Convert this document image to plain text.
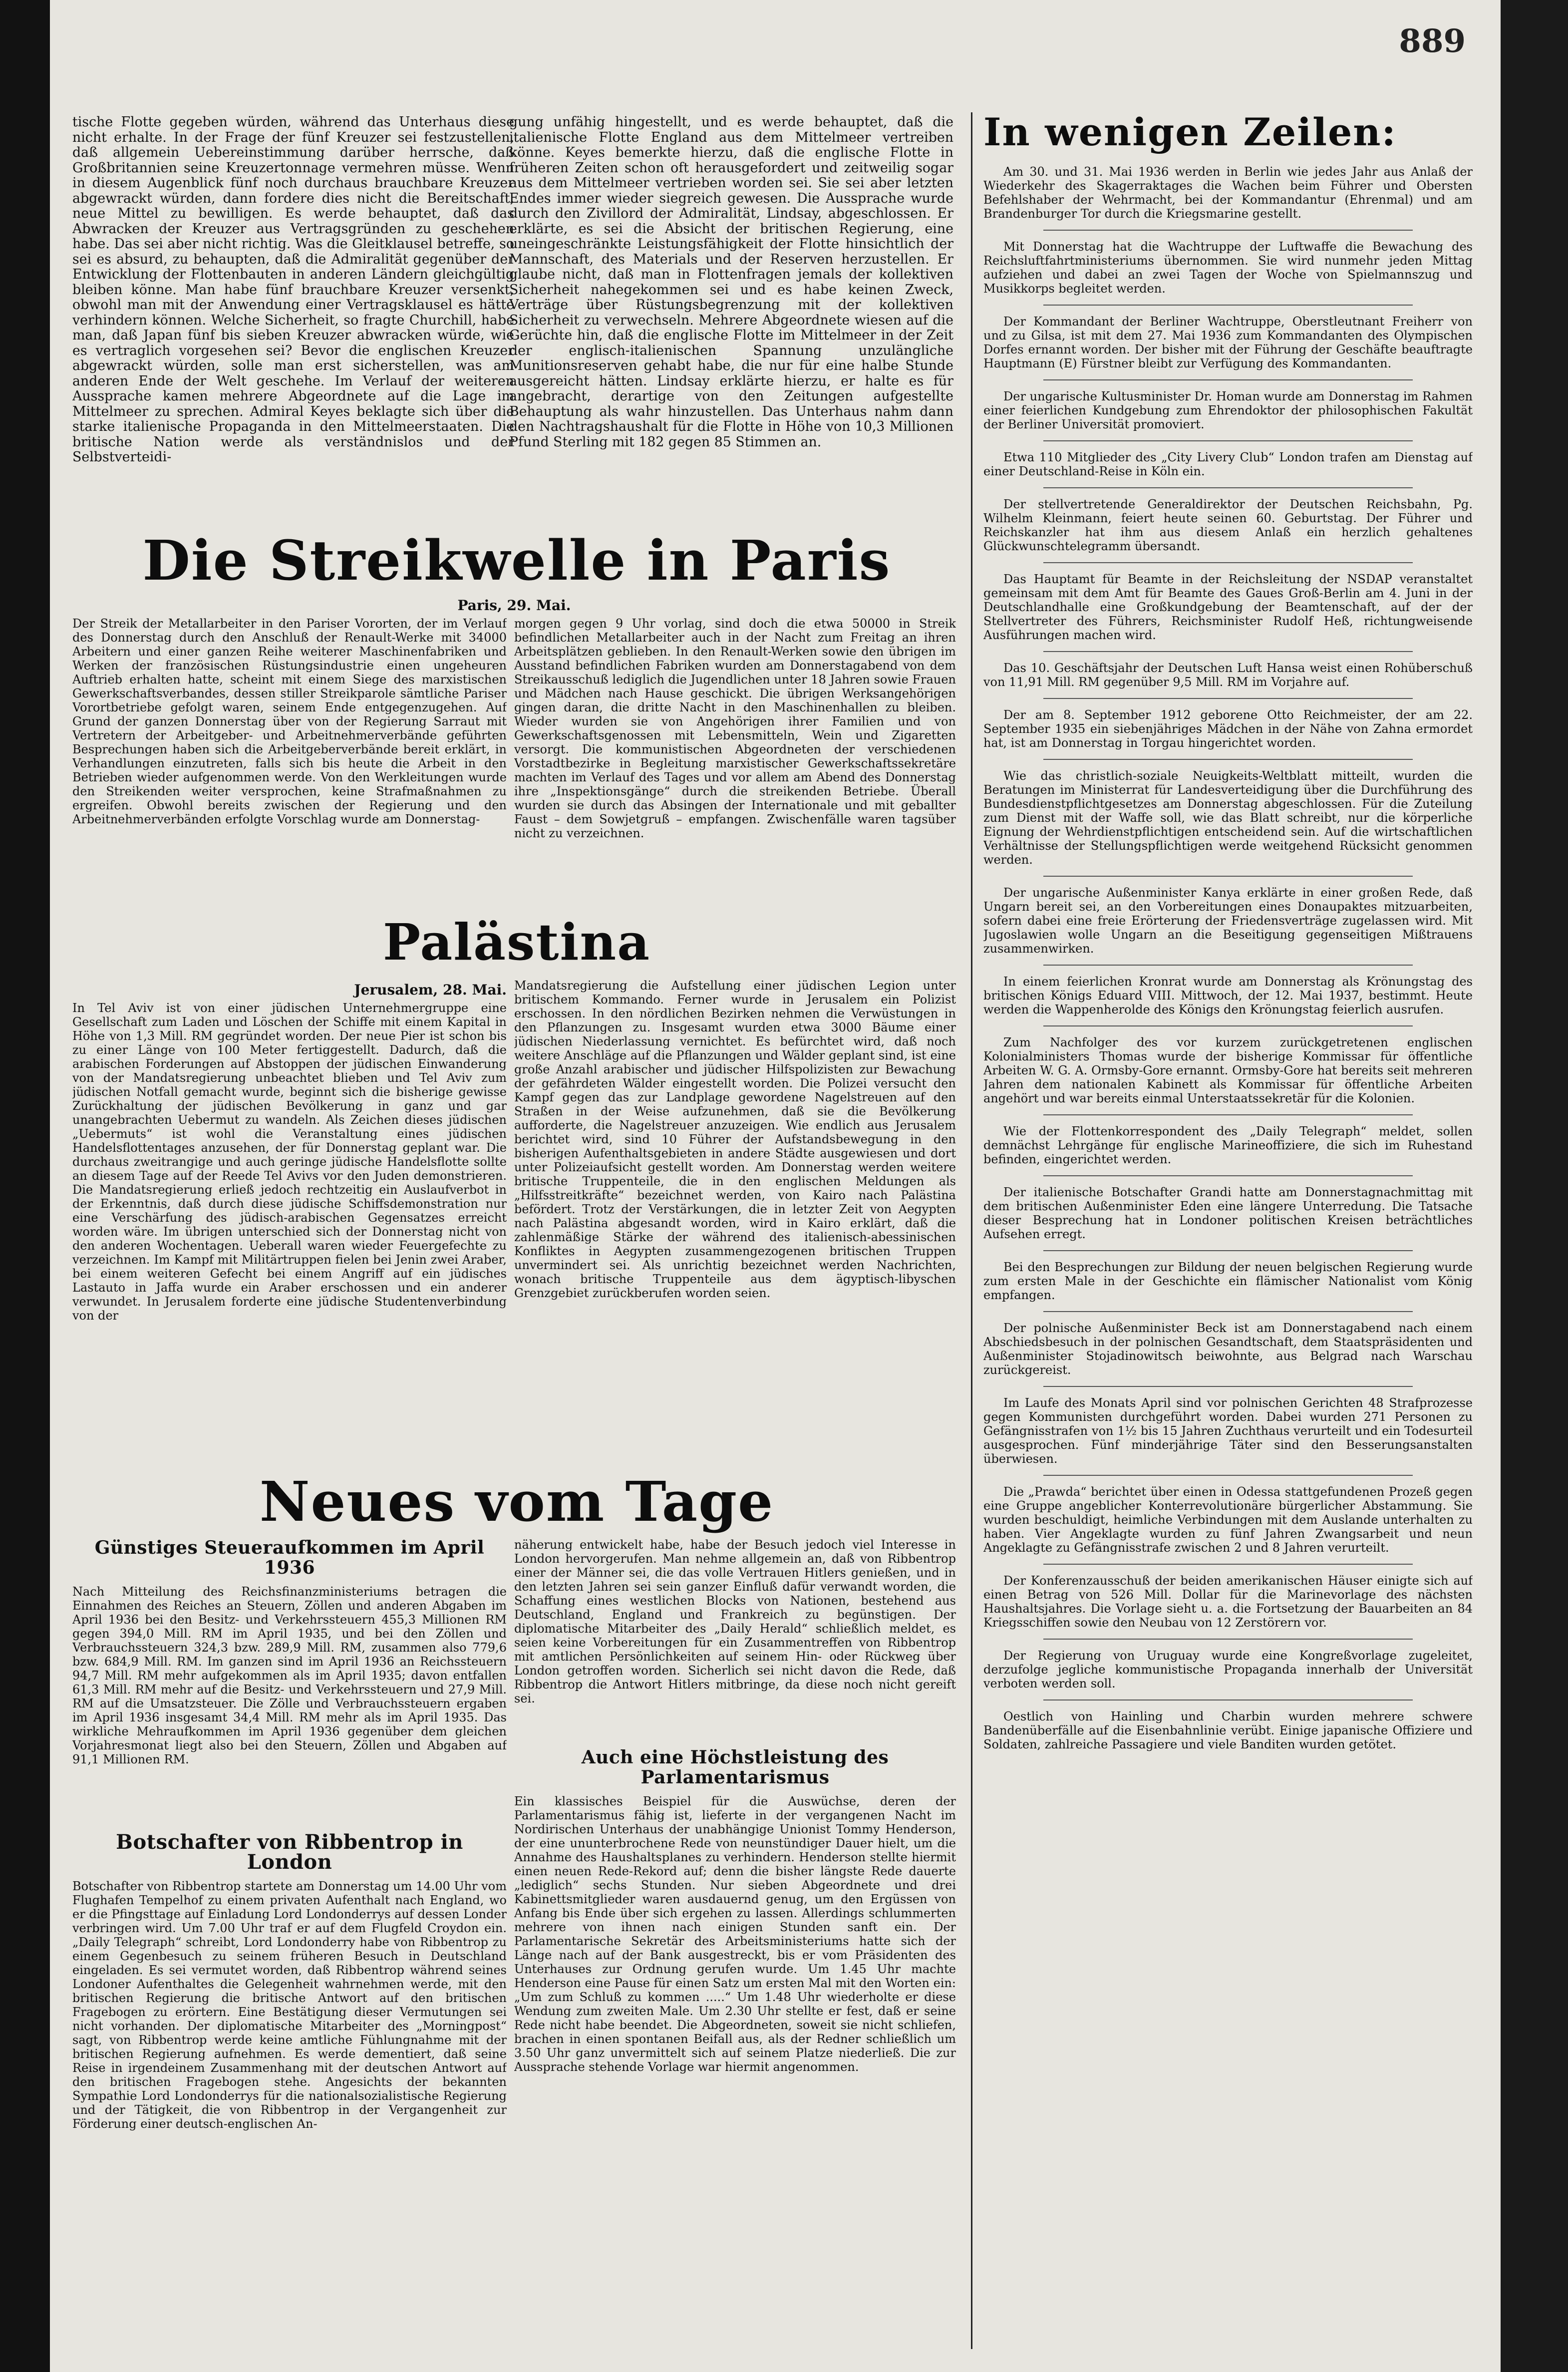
889

tische Flotte gegeben würden, während das Unterhaus diese nicht erhalte. In der Frage der fünf Kreuzer sei festzustellen, daß allgemein Uebereinstimmung darüber herrsche, daß Großbritannien seine Kreuzertonnage vermehren müsse. Wenn in diesem Augenblick fünf noch durchaus brauchbare Kreuzer abgewrackt würden, dann fordere dies nicht die Bereitschaft, neue Mittel zu bewilligen. Es werde behauptet, daß das Abwracken der Kreuzer aus Vertragsgründen zu geschehen habe. Das sei aber nicht richtig. Was die Gleitklausel betreffe, so sei es absurd, zu behaupten, daß die Admiralität gegenüber der Entwicklung der Flottenbauten in anderen Ländern gleichgültig bleiben könne. Man habe fünf brauchbare Kreuzer versenkt, obwohl man mit der Anwendung einer Vertragsklausel es hätte verhindern können. Welche Sicherheit, so fragte Churchill, habe man, daß Japan fünf bis sieben Kreuzer abwracken würde, wie es vertraglich vorgesehen sei? Bevor die englischen Kreuzer abgewrackt würden, solle man erst sicherstellen, was am anderen Ende der Welt geschehe. Im Verlauf der weiteren Aussprache kamen mehrere Abgeordnete auf die Lage im Mittelmeer zu sprechen. Admiral Keyes beklagte sich über die starke italienische Propaganda in den Mittelmeerstaaten. Die britische Nation werde als verständnislos und der Selbstverteidi-

gung unfähig hingestellt, und es werde behauptet, daß die italienische Flotte England aus dem Mittelmeer vertreiben könne. Keyes bemerkte hierzu, daß die englische Flotte in früheren Zeiten schon oft herausgefordert und zeitweilig sogar aus dem Mittelmeer vertrieben worden sei. Sie sei aber letzten Endes immer wieder siegreich gewesen. Die Aussprache wurde durch den Zivillord der Admiralität, Lindsay, abgeschlossen. Er erklärte, es sei die Absicht der britischen Regierung, eine uneingeschränkte Leistungsfähigkeit der Flotte hinsichtlich der Mannschaft, des Materials und der Reserven herzustellen. Er glaube nicht, daß man in Flottenfragen jemals der kollektiven Sicherheit nahegekommen sei und es habe keinen Zweck, Verträge über Rüstungsbegrenzung mit der kollektiven Sicherheit zu verwechseln. Mehrere Abgeordnete wiesen auf die Gerüchte hin, daß die englische Flotte im Mittelmeer in der Zeit der englisch-italienischen Spannung unzulängliche Munitionsreserven gehabt habe, die nur für eine halbe Stunde ausgereicht hätten. Lindsay erklärte hierzu, er halte es für angebracht, derartige von den Zeitungen aufgestellte Behauptung als wahr hinzustellen. Das Unterhaus nahm dann den Nachtragshaushalt für die Flotte in Höhe von 10,3 Millionen Pfund Sterling mit 182 gegen 85 Stimmen an.

Die Streikwelle in Paris
Paris, 29. Mai.

Der Streik der Metallarbeiter in den Pariser Vororten, der im Verlauf des Donnerstag durch den Anschluß der Renault-Werke mit 34000 Arbeitern und einer ganzen Reihe weiterer Maschinenfabriken und Werken der französischen Rüstungsindustrie einen ungeheuren Auftrieb erhalten hatte, scheint mit einem Siege des marxistischen Gewerkschaftsverbandes, dessen stiller Streikparole sämtliche Pariser Vorortbetriebe gefolgt waren, seinem Ende entgegenzugehen. Auf Grund der ganzen Donnerstag über von der Regierung Sarraut mit Vertretern der Arbeitgeber- und Arbeitnehmerverbände geführten Besprechungen haben sich die Arbeitgeberverbände bereit erklärt, in Verhandlungen einzutreten, falls sich bis heute die Arbeit in den Betrieben wieder aufgenommen werde. Von den Werkleitungen wurde den Streikenden weiter versprochen, keine Strafmaßnahmen zu ergreifen. Obwohl bereits zwischen der Regierung und den Arbeitnehmerverbänden erfolgte Vorschlag wurde am Donnerstag-

morgen gegen 9 Uhr vorlag, sind doch die etwa 50000 in Streik befindlichen Metallarbeiter auch in der Nacht zum Freitag an ihren Arbeitsplätzen geblieben. In den Renault-Werken sowie den übrigen im Ausstand befindlichen Fabriken wurden am Donnerstagabend von dem Streikausschuß lediglich die Jugendlichen unter 18 Jahren sowie Frauen und Mädchen nach Hause geschickt. Die übrigen Werksangehörigen gingen daran, die dritte Nacht in den Maschinenhallen zu bleiben. Wieder wurden sie von Angehörigen ihrer Familien und von Gewerkschaftsgenossen mit Lebensmitteln, Wein und Zigaretten versorgt. Die kommunistischen Abgeordneten der verschiedenen Vorstadtbezirke in Begleitung marxistischer Gewerkschaftssekretäre machten im Verlauf des Tages und vor allem am Abend des Donnerstag ihre „Inspektionsgänge“ durch die streikenden Betriebe. Überall wurden sie durch das Absingen der Internationale und mit geballter Faust – dem Sowjetgruß – empfangen. Zwischenfälle waren tagsüber nicht zu verzeichnen.

Palästina
Jerusalem, 28. Mai.

In Tel Aviv ist von einer jüdischen Unternehmergruppe eine Gesellschaft zum Laden und Löschen der Schiffe mit einem Kapital in Höhe von 1,3 Mill. RM gegründet worden. Der neue Pier ist schon bis zu einer Länge von 100 Meter fertiggestellt. Dadurch, daß die arabischen Forderungen auf Abstoppen der jüdischen Einwanderung von der Mandatsregierung unbeachtet blieben und Tel Aviv zum jüdischen Notfall gemacht wurde, beginnt sich die bisherige gewisse Zurückhaltung der jüdischen Bevölkerung in ganz und gar unangebrachten Uebermut zu wandeln. Als Zeichen dieses jüdischen „Uebermuts“ ist wohl die Veranstaltung eines jüdischen Handelsflottentages anzusehen, der für Donnerstag geplant war. Die durchaus zweitrangige und auch geringe jüdische Handelsflotte sollte an diesem Tage auf der Reede Tel Avivs vor den Juden demonstrieren. Die Mandatsregierung erließ jedoch rechtzeitig ein Auslaufverbot in der Erkenntnis, daß durch diese jüdische Schiffsdemonstration nur eine Verschärfung des jüdisch-arabischen Gegensatzes erreicht worden wäre. Im übrigen unterschied sich der Donnerstag nicht von den anderen Wochentagen. Ueberall waren wieder Feuergefechte zu verzeichnen. Im Kampf mit Militärtruppen fielen bei Jenin zwei Araber, bei einem weiteren Gefecht bei einem Angriff auf ein jüdisches Lastauto in Jaffa wurde ein Araber erschossen und ein anderer verwundet. In Jerusalem forderte eine jüdische Studentenverbindung von der

Mandatsregierung die Aufstellung einer jüdischen Legion unter britischem Kommando. Ferner wurde in Jerusalem ein Polizist erschossen. In den nördlichen Bezirken nehmen die Verwüstungen in den Pflanzungen zu. Insgesamt wurden etwa 3000 Bäume einer jüdischen Niederlassung vernichtet. Es befürchtet wird, daß noch weitere Anschläge auf die Pflanzungen und Wälder geplant sind, ist eine große Anzahl arabischer und jüdischer Hilfspolizisten zur Bewachung der gefährdeten Wälder eingestellt worden. Die Polizei versucht den Kampf gegen das zur Landplage gewordene Nagelstreuen auf den Straßen in der Weise aufzunehmen, daß sie die Bevölkerung aufforderte, die Nagelstreuer anzuzeigen. Wie endlich aus Jerusalem berichtet wird, sind 10 Führer der Aufstandsbewegung in den bisherigen Aufenthaltsgebieten in andere Städte ausgewiesen und dort unter Polizeiaufsicht gestellt worden. Am Donnerstag werden weitere britische Truppenteile, die in den englischen Meldungen als „Hilfsstreitkräfte“ bezeichnet werden, von Kairo nach Palästina befördert. Trotz der Verstärkungen, die in letzter Zeit von Aegypten nach Palästina abgesandt worden, wird in Kairo erklärt, daß die zahlenmäßige Stärke der während des italienisch-abessinischen Konfliktes in Aegypten zusammengezogenen britischen Truppen unvermindert sei. Als unrichtig bezeichnet werden Nachrichten, wonach britische Truppenteile aus dem ägyptisch-libyschen Grenzgebiet zurückberufen worden seien.

Neues vom Tage
Günstiges Steueraufkommen im April 1936

Nach Mitteilung des Reichsfinanzministeriums betragen die Einnahmen des Reiches an Steuern, Zöllen und anderen Abgaben im April 1936 bei den Besitz- und Verkehrssteuern 455,3 Millionen RM gegen 394,0 Mill. RM im April 1935, und bei den Zöllen und Verbrauchssteuern 324,3 bzw. 289,9 Mill. RM, zusammen also 779,6 bzw. 684,9 Mill. RM. Im ganzen sind im April 1936 an Reichssteuern 94,7 Mill. RM mehr aufgekommen als im April 1935; davon entfallen 61,3 Mill. RM mehr auf die Besitz- und Verkehrssteuern und 27,9 Mill. RM auf die Umsatzsteuer. Die Zölle und Verbrauchssteuern ergaben im April 1936 insgesamt 34,4 Mill. RM mehr als im April 1935. Das wirkliche Mehraufkommen im April 1936 gegenüber dem gleichen Vorjahresmonat liegt also bei den Steuern, Zöllen und Abgaben auf 91,1 Millionen RM.

Botschafter von Ribbentrop in London

Botschafter von Ribbentrop startete am Donnerstag um 14.00 Uhr vom Flughafen Tempelhof zu einem privaten Aufenthalt nach England, wo er die Pfingsttage auf Einladung Lord Londonderrys auf dessen Londer verbringen wird. Um 7.00 Uhr traf er auf dem Flugfeld Croydon ein. „Daily Telegraph“ schreibt, Lord Londonderry habe von Ribbentrop zu einem Gegenbesuch zu seinem früheren Besuch in Deutschland eingeladen. Es sei vermutet worden, daß Ribbentrop während seines Londoner Aufenthaltes die Gelegenheit wahrnehmen werde, mit den britischen Regierung die britische Antwort auf den britischen Fragebogen zu erörtern. Eine Bestätigung dieser Vermutungen sei nicht vorhanden. Der diplomatische Mitarbeiter des „Morningpost“ sagt, von Ribbentrop werde keine amtliche Fühlungnahme mit der britischen Regierung aufnehmen. Es werde dementiert, daß seine Reise in irgendeinem Zusammenhang mit der deutschen Antwort auf den britischen Fragebogen stehe. Angesichts der bekannten Sympathie Lord Londonderrys für die nationalsozialistische Regierung und der Tätigkeit, die von Ribbentrop in der Vergangenheit zur Förderung einer deutsch-englischen An-

näherung entwickelt habe, habe der Besuch jedoch viel Interesse in London hervorgerufen. Man nehme allgemein an, daß von Ribbentrop einer der Männer sei, die das volle Vertrauen Hitlers genießen, und in den letzten Jahren sei sein ganzer Einfluß dafür verwandt worden, die Schaffung eines westlichen Blocks von Nationen, bestehend aus Deutschland, England und Frankreich zu begünstigen. Der diplomatische Mitarbeiter des „Daily Herald“ schließlich meldet, es seien keine Vorbereitungen für ein Zusammentreffen von Ribbentrop mit amtlichen Persönlichkeiten auf seinem Hin- oder Rückweg über London getroffen worden. Sicherlich sei nicht davon die Rede, daß Ribbentrop die Antwort Hitlers mitbringe, da diese noch nicht gereift sei.

Auch eine Höchstleistung des Parlamentarismus

Ein klassisches Beispiel für die Auswüchse, deren der Parlamentarismus fähig ist, lieferte in der vergangenen Nacht im Nordirischen Unterhaus der unabhängige Unionist Tommy Henderson, der eine ununterbrochene Rede von neunstündiger Dauer hielt, um die Annahme des Haushaltsplanes zu verhindern. Henderson stellte hiermit einen neuen Rede-Rekord auf; denn die bisher längste Rede dauerte „lediglich“ sechs Stunden. Nur sieben Abgeordnete und drei Kabinettsmitglieder waren ausdauernd genug, um den Ergüssen von Anfang bis Ende über sich ergehen zu lassen. Allerdings schlummerten mehrere von ihnen nach einigen Stunden sanft ein. Der Parlamentarische Sekretär des Arbeitsministeriums hatte sich der Länge nach auf der Bank ausgestreckt, bis er vom Präsidenten des Unterhauses zur Ordnung gerufen wurde. Um 1.45 Uhr machte Henderson eine Pause für einen Satz um ersten Mal mit den Worten ein: „Um zum Schluß zu kommen .....“ Um 1.48 Uhr wiederholte er diese Wendung zum zweiten Male. Um 2.30 Uhr stellte er fest, daß er seine Rede nicht habe beendet. Die Abgeordneten, soweit sie nicht schliefen, brachen in einen spontanen Beifall aus, als der Redner schließlich um 3.50 Uhr ganz unvermittelt sich auf seinem Platze niederließ. Die zur Aussprache stehende Vorlage war hiermit angenommen.

In wenigen Zeilen:

Am 30. und 31. Mai 1936 werden in Berlin wie jedes Jahr aus Anlaß der Wiederkehr des Skagerraktages die Wachen beim Führer und Obersten Befehlshaber der Wehrmacht, bei der Kommandantur (Ehrenmal) und am Brandenburger Tor durch die Kriegsmarine gestellt.

Mit Donnerstag hat die Wachtruppe der Luftwaffe die Bewachung des Reichsluftfahrtministeriums übernommen. Sie wird nunmehr jeden Mittag aufziehen und dabei an zwei Tagen der Woche von Spielmannszug und Musikkorps begleitet werden.

Der Kommandant der Berliner Wachtruppe, Oberstleutnant Freiherr von und zu Gilsa, ist mit dem 27. Mai 1936 zum Kommandanten des Olympischen Dorfes ernannt worden. Der bisher mit der Führung der Geschäfte beauftragte Hauptmann (E) Fürstner bleibt zur Verfügung des Kommandanten.

Der ungarische Kultusminister Dr. Homan wurde am Donnerstag im Rahmen einer feierlichen Kundgebung zum Ehrendoktor der philosophischen Fakultät der Berliner Universität promoviert.

Etwa 110 Mitglieder des „City Livery Club“ London trafen am Dienstag auf einer Deutschland-Reise in Köln ein.

Der stellvertretende Generaldirektor der Deutschen Reichsbahn, Pg. Wilhelm Kleinmann, feiert heute seinen 60. Geburtstag. Der Führer und Reichskanzler hat ihm aus diesem Anlaß ein herzlich gehaltenes Glückwunschtelegramm übersandt.

Das Hauptamt für Beamte in der Reichsleitung der NSDAP veranstaltet gemeinsam mit dem Amt für Beamte des Gaues Groß-Berlin am 4. Juni in der Deutschlandhalle eine Großkundgebung der Beamtenschaft, auf der der Stellvertreter des Führers, Reichsminister Rudolf Heß, richtungweisende Ausführungen machen wird.

Das 10. Geschäftsjahr der Deutschen Luft Hansa weist einen Rohüberschuß von 11,91 Mill. RM gegenüber 9,5 Mill. RM im Vorjahre auf.

Der am 8. September 1912 geborene Otto Reichmeister, der am 22. September 1935 ein siebenjähriges Mädchen in der Nähe von Zahna ermordet hat, ist am Donnerstag in Torgau hingerichtet worden.

Wie das christlich-soziale Neuigkeits-Weltblatt mitteilt, wurden die Beratungen im Ministerrat für Landesverteidigung über die Durchführung des Bundesdienstpflichtgesetzes am Donnerstag abgeschlossen. Für die Zuteilung zum Dienst mit der Waffe soll, wie das Blatt schreibt, nur die körperliche Eignung der Wehrdienstpflichtigen entscheidend sein. Auf die wirtschaftlichen Verhältnisse der Stellungspflichtigen werde weitgehend Rücksicht genommen werden.

Der ungarische Außenminister Kanya erklärte in einer großen Rede, daß Ungarn bereit sei, an den Vorbereitungen eines Donaupaktes mitzuarbeiten, sofern dabei eine freie Erörterung der Friedensverträge zugelassen wird. Mit Jugoslawien wolle Ungarn an die Beseitigung gegenseitigen Mißtrauens zusammenwirken.

In einem feierlichen Kronrat wurde am Donnerstag als Krönungstag des britischen Königs Eduard VIII. Mittwoch, der 12. Mai 1937, bestimmt. Heute werden die Wappenherolde des Königs den Krönungstag feierlich ausrufen.

Zum Nachfolger des vor kurzem zurückgetretenen englischen Kolonialministers Thomas wurde der bisherige Kommissar für öffentliche Arbeiten W. G. A. Ormsby-Gore ernannt. Ormsby-Gore hat bereits seit mehreren Jahren dem nationalen Kabinett als Kommissar für öffentliche Arbeiten angehört und war bereits einmal Unterstaatssekretär für die Kolonien.

Wie der Flottenkorrespondent des „Daily Telegraph“ meldet, sollen demnächst Lehrgänge für englische Marineoffiziere, die sich im Ruhestand befinden, eingerichtet werden.

Der italienische Botschafter Grandi hatte am Donnerstagnachmittag mit dem britischen Außenminister Eden eine längere Unterredung. Die Tatsache dieser Besprechung hat in Londoner politischen Kreisen beträchtliches Aufsehen erregt.

Bei den Besprechungen zur Bildung der neuen belgischen Regierung wurde zum ersten Male in der Geschichte ein flämischer Nationalist vom König empfangen.

Der polnische Außenminister Beck ist am Donnerstagabend nach einem Abschiedsbesuch in der polnischen Gesandtschaft, dem Staatspräsidenten und Außenminister Stojadinowitsch beiwohnte, aus Belgrad nach Warschau zurückgereist.

Im Laufe des Monats April sind vor polnischen Gerichten 48 Strafprozesse gegen Kommunisten durchgeführt worden. Dabei wurden 271 Personen zu Gefängnisstrafen von 1½ bis 15 Jahren Zuchthaus verurteilt und ein Todesurteil ausgesprochen. Fünf minderjährige Täter sind den Besserungsanstalten überwiesen.

Die „Prawda“ berichtet über einen in Odessa stattgefundenen Prozeß gegen eine Gruppe angeblicher Konterrevolutionäre bürgerlicher Abstammung. Sie wurden beschuldigt, heimliche Verbindungen mit dem Auslande unterhalten zu haben. Vier Angeklagte wurden zu fünf Jahren Zwangsarbeit und neun Angeklagte zu Gefängnisstrafe zwischen 2 und 8 Jahren verurteilt.

Der Konferenzausschuß der beiden amerikanischen Häuser einigte sich auf einen Betrag von 526 Mill. Dollar für die Marinevorlage des nächsten Haushaltsjahres. Die Vorlage sieht u. a. die Fortsetzung der Bauarbeiten an 84 Kriegsschiffen sowie den Neubau von 12 Zerstörern vor.

Der Regierung von Uruguay wurde eine Kongreßvorlage zugeleitet, derzufolge jegliche kommunistische Propaganda innerhalb der Universität verboten werden soll.

Oestlich von Hainling und Charbin wurden mehrere schwere Bandenüberfälle auf die Eisenbahnlinie verübt. Einige japanische Offiziere und Soldaten, zahlreiche Passagiere und viele Banditen wurden getötet.
